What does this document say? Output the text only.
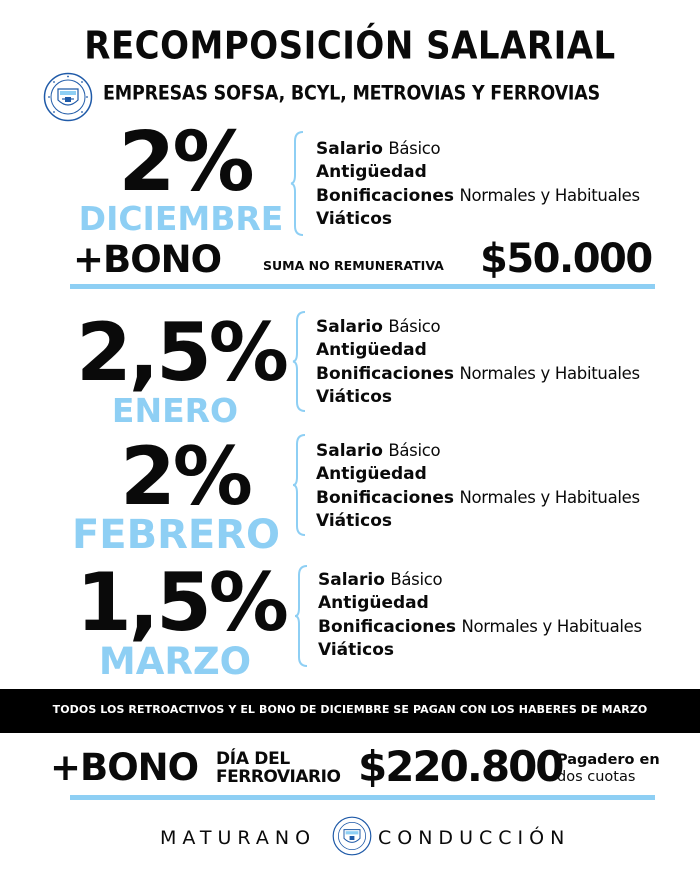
RECOMPOSICIÓN SALARIAL
EMPRESAS SOFSA, BCYL, METROVIAS Y FERROVIAS
2%
DICIEMBRE
Salario Básico
Antigüedad
Bonificaciones Normales y Habituales
Viáticos
+BONO	SUMA NO REMUNERATIVA $50.000
2,5%
ENERO
Salario Básico
Antigüedad
Bonificaciones Normales y Habituales
Viáticos
2%
FEBRERO
Salario Básico
Antigüedad
Bonificaciones Normales y Habituales
Viáticos
1,5%
MARZO
Salario Básico
Antigüedad
Bonificaciones Normales y Habituales
Viáticos
TODOS LOS RETROACTIVOS Y EL BONO DE DICIEMBRE SE PAGAN CON LOS HABERES DE MARZO
+BONO DÍA DEL
FERROVIARIO $220.800
Pagadero en
dos cuotas
MATURANO	CONDUCCIÓN
